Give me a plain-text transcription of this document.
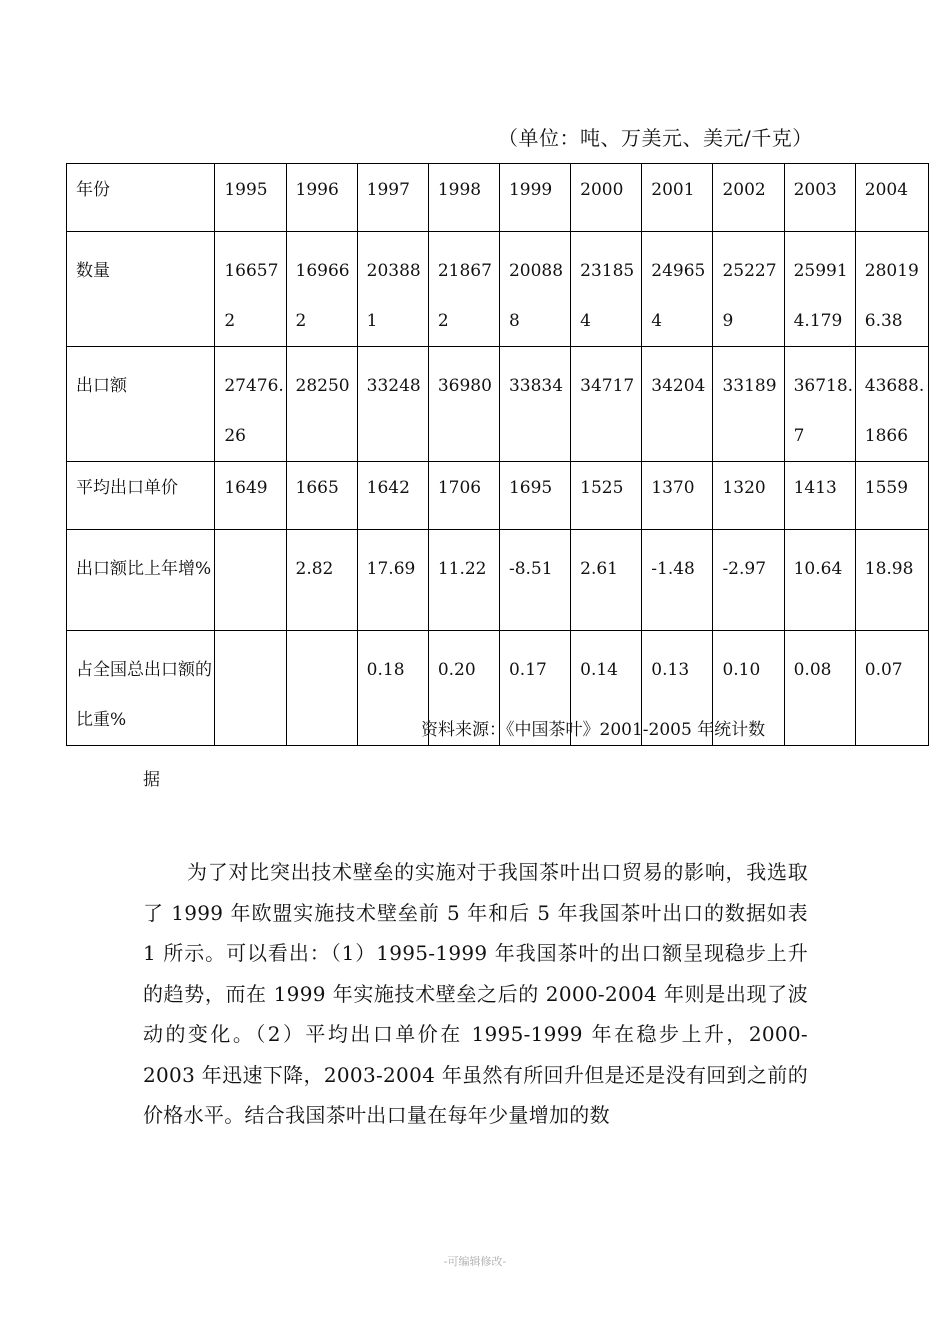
（单位：吨、万美元、美元/千克）
年份	1995	1996	1997	1998	1999	2000	2001	2002	2003	2004
数量	166572	169662	203881	218672	200888	231854	249654	252279	259914.179	280196.38
出口额	27476.26	28250	33248	36980	33834	34717	34204	33189	36718.7	43688.1866
平均出口单价	1649	1665	1642	1706	1695	1525	1370	1320	1413	1559
出口额比上年增%		2.82	17.69	11.22	-8.51	2.61	-1.48	-2.97	10.64	18.98
占全国总出口额的比重%			0.18	0.20	0.17	0.14	0.13	0.10	0.08	0.07
资料来源：《中国茶叶》2001-2005 年统计数
据
为了对比突出技术壁垒的实施对于我国茶叶出口贸易的影响，我选取了 1999 年欧盟实施技术壁垒前 5 年和后 5 年我国茶叶出口的数据如表 1 所示。可以看出：（1）1995-1999 年我国茶叶的出口额呈现稳步上升的趋势，而在 1999 年实施技术壁垒之后的 2000-2004 年则是出现了波动的变化。（2）平均出口单价在 1995-1999 年在稳步上升，2000-2003 年迅速下降，2003-2004 年虽然有所回升但是还是没有回到之前的价格水平。结合我国茶叶出口量在每年少量增加的数
-可编辑修改-
